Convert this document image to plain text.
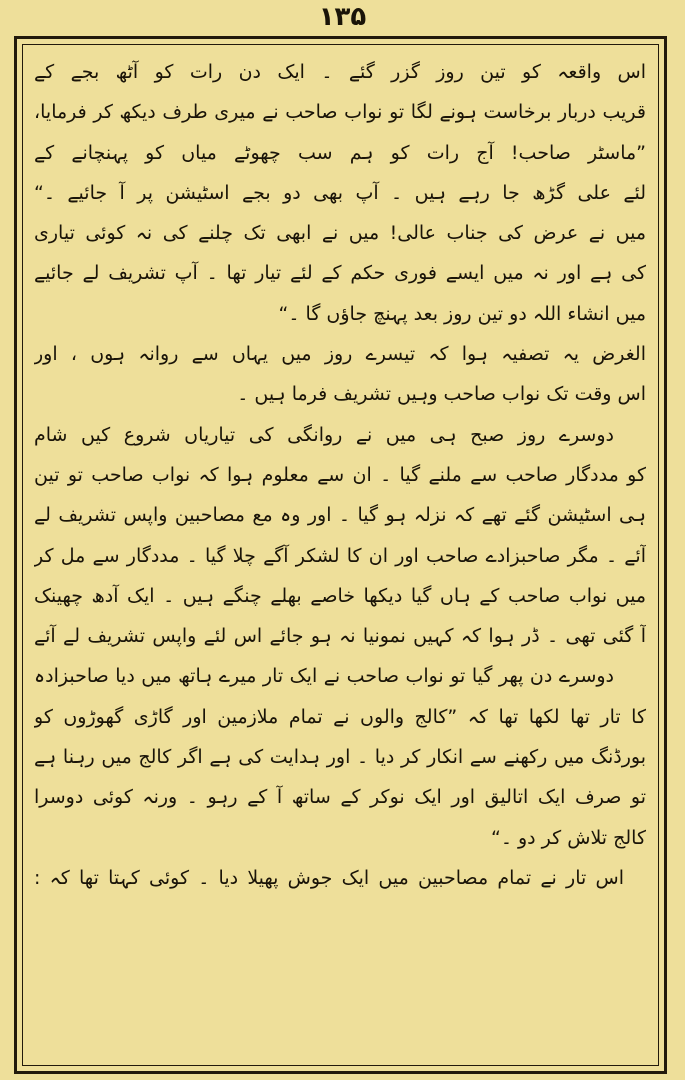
۱۳۵
اس واقعہ کو تین روز گزر گئے ۔ ایک دن رات کو آٹھ بجے کے
قریب دربار برخاست ہونے لگا تو نواب صاحب نے میری طرف دیکھ کر فرمایا،
”ماسٹر صاحب! آج رات کو ہم سب چھوٹے میاں کو پہنچانے کے
لئے علی گڑھ جا رہے ہیں ۔ آپ بھی دو بجے اسٹیشن پر آ جائیے ۔“
میں نے عرض کی جناب عالی! میں نے ابھی تک چلنے کی نہ کوئی تیاری
کی ہے اور نہ میں ایسے فوری حکم کے لئے تیار تھا ۔ آپ تشریف لے جائیے
میں انشاء اللہ دو تین روز بعد پہنچ جاؤں گا ۔“
الغرض یہ تصفیہ ہوا کہ تیسرے روز میں یہاں سے روانہ ہوں ، اور
اس وقت تک نواب صاحب وہیں تشریف فرما ہیں ۔
دوسرے روز صبح ہی میں نے روانگی کی تیاریاں شروع کیں شام
کو مددگار صاحب سے ملنے گیا ۔ ان سے معلوم ہوا کہ نواب صاحب تو تین
ہی اسٹیشن گئے تھے کہ نزلہ ہو گیا ۔ اور وہ مع مصاحبین واپس تشریف لے
آئے ۔ مگر صاحبزادے صاحب اور ان کا لشکر آگے چلا گیا ۔ مددگار سے مل کر
میں نواب صاحب کے ہاں گیا دیکھا خاصے بھلے چنگے ہیں ۔ ایک آدھ چھینک
آ گئی تھی ۔ ڈر ہوا کہ کہیں نمونیا نہ ہو جائے اس لئے واپس تشریف لے آئے
دوسرے دن پھر گیا تو نواب صاحب نے ایک تار میرے ہاتھ میں دیا صاحبزادہ
کا تار تھا لکھا تھا کہ ”کالج والوں نے تمام ملازمین اور گاڑی گھوڑوں کو
بورڈنگ میں رکھنے سے انکار کر دیا ۔ اور ہدایت کی ہے اگر کالج میں رہنا ہے
تو صرف ایک اتالیق اور ایک نوکر کے ساتھ آ کے رہو ۔ ورنہ کوئی دوسرا
کالج تلاش کر دو ۔“
اس تار نے تمام مصاحبین میں ایک جوش پھیلا دیا ۔ کوئی کہتا تھا کہ :
